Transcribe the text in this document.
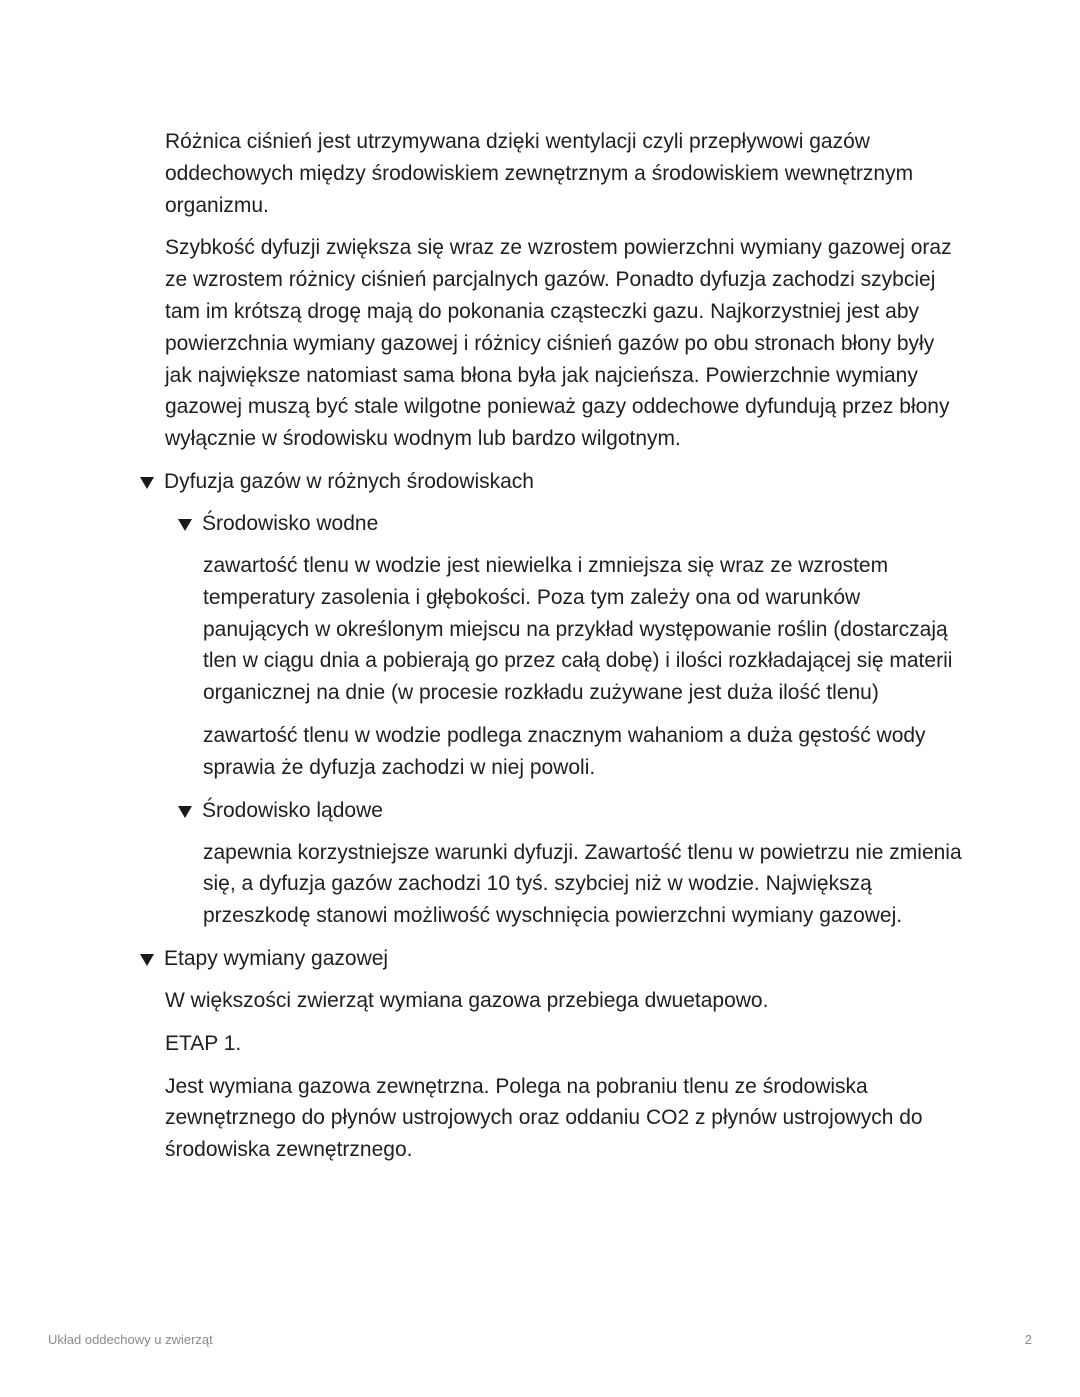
Różnica ciśnień jest utrzymywana dzięki wentylacji czyli przepływowi gazów oddechowych między środowiskiem zewnętrznym a środowiskiem wewnętrznym organizmu.

Szybkość dyfuzji zwiększa się wraz ze wzrostem powierzchni wymiany gazowej oraz ze wzrostem różnicy ciśnień parcjalnych gazów. Ponadto dyfuzja zachodzi szybciej tam im krótszą drogę mają do pokonania cząsteczki gazu. Najkorzystniej jest aby powierzchnia wymiany gazowej i różnicy ciśnień gazów po obu stronach błony były jak największe natomiast sama błona była jak najcieńsza. Powierzchnie wymiany gazowej muszą być stale wilgotne ponieważ gazy oddechowe dyfundują przez błony wyłącznie w środowisku wodnym lub bardzo wilgotnym.

Dyfuzja gazów w różnych środowiskach
Środowisko wodne

zawartość tlenu w wodzie jest niewielka i zmniejsza się wraz ze wzrostem temperatury zasolenia i głębokości. Poza tym zależy ona od warunków panujących w określonym miejscu na przykład występowanie roślin (dostarczają tlen w ciągu dnia a pobierają go przez całą dobę) i ilości rozkładającej się materii organicznej na dnie (w procesie rozkładu zużywane jest duża ilość tlenu)

zawartość tlenu w wodzie podlega znacznym wahaniom a duża gęstość wody sprawia że dyfuzja zachodzi w niej powoli.

Środowisko lądowe

zapewnia korzystniejsze warunki dyfuzji. Zawartość tlenu w powietrzu nie zmienia się, a dyfuzja gazów zachodzi 10 tyś. szybciej niż w wodzie. Największą przeszkodę stanowi możliwość wyschnięcia powierzchni wymiany gazowej.

Etapy wymiany gazowej

W większości zwierząt wymiana gazowa przebiega dwuetapowo.

ETAP 1.

Jest wymiana gazowa zewnętrzna. Polega na pobraniu tlenu ze środowiska zewnętrznego do płynów ustrojowych oraz oddaniu CO2 z płynów ustrojowych do środowiska zewnętrznego.

Układ oddechowy u zwierząt	2
